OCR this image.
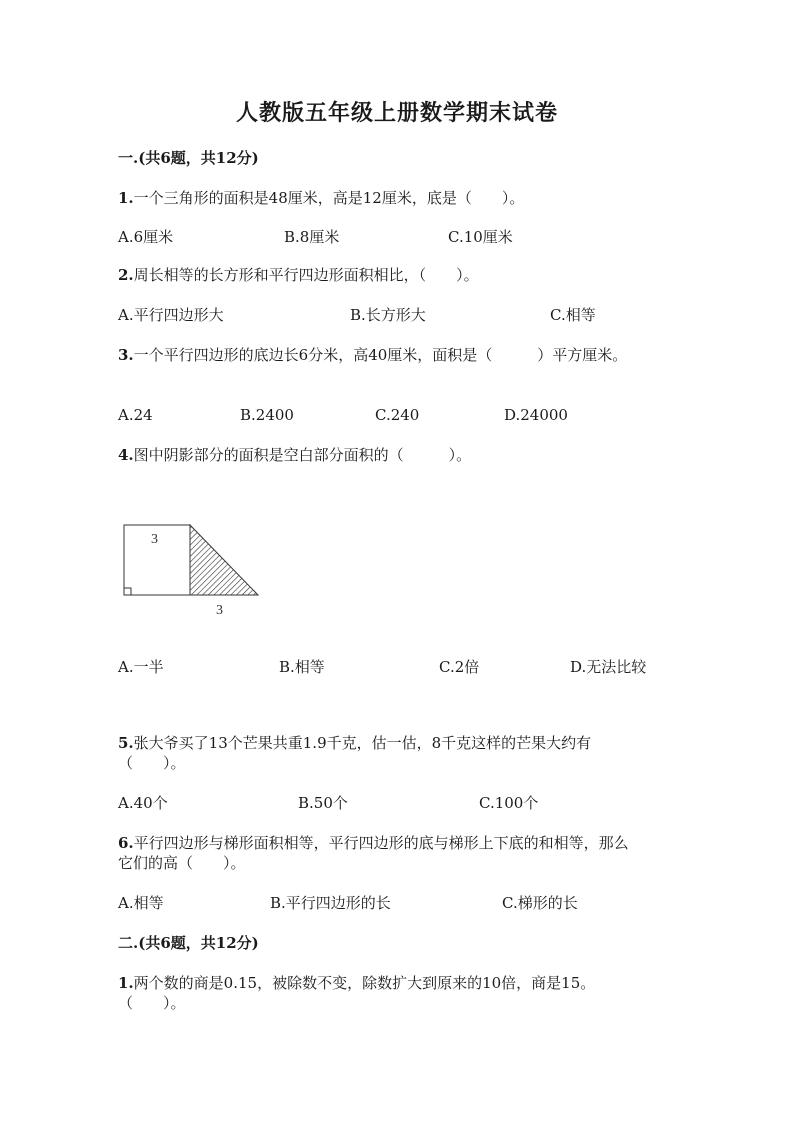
人教版五年级上册数学期末试卷
一.(共6题，共12分)
1.一个三角形的面积是48厘米，高是12厘米，底是（　　）。
A.6厘米	B.8厘米	C.10厘米
2.周长相等的长方形和平行四边形面积相比，（　　）。
A.平行四边形大	B.长方形大	C.相等
3.一个平行四边形的底边长6分米，高40厘米，面积是（　　　）平方厘米。
A.24	B.2400	C.240	D.24000
4.图中阴影部分的面积是空白部分面积的（　　　）。
3
3
A.一半	B.相等	C.2倍	D.无法比较
5.张大爷买了13个芒果共重1.9千克，估一估，8千克这样的芒果大约有
（　　）。
A.40个	B.50个	C.100个
6.平行四边形与梯形面积相等，平行四边形的底与梯形上下底的和相等，那么
它们的高（　　）。
A.相等	B.平行四边形的长	C.梯形的长
二.(共6题，共12分)
1.两个数的商是0.15，被除数不变，除数扩大到原来的10倍，商是15。
（　　）。
